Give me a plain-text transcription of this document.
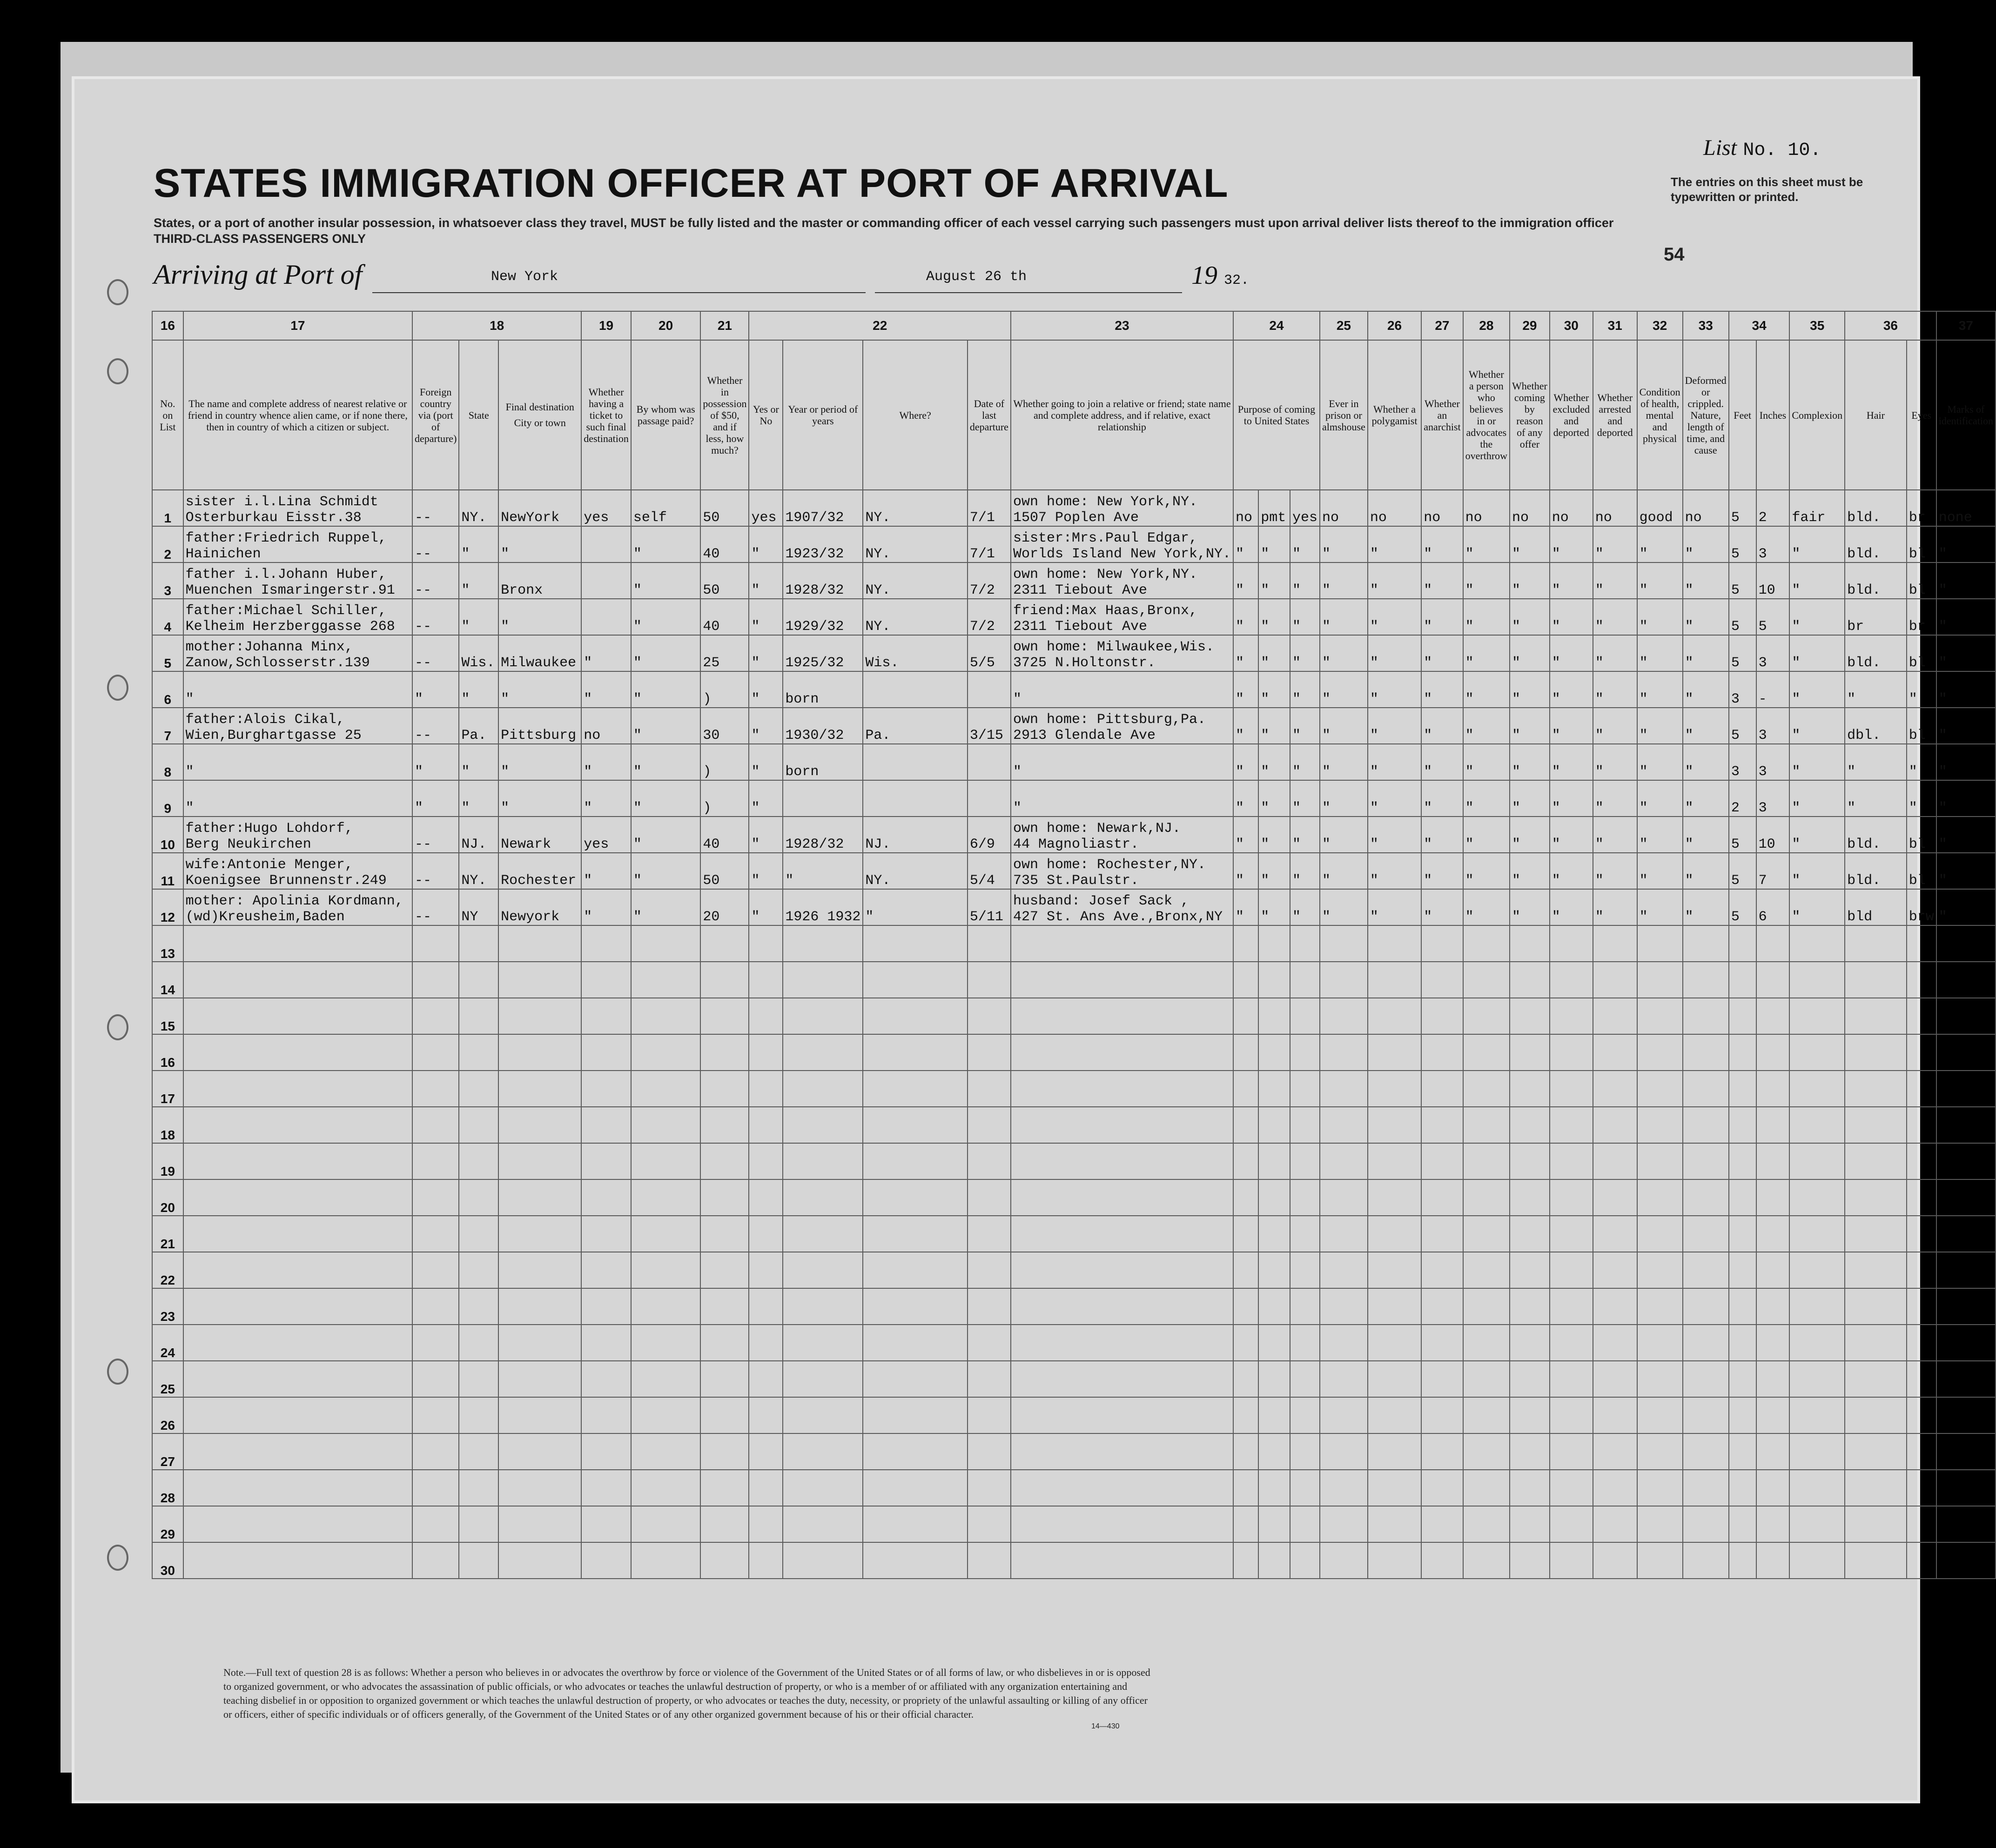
STATES IMMIGRATION OFFICER AT PORT OF ARRIVAL
List No. 10.
The entries on this sheet must be typewritten or printed.
States, or a port of another insular possession, in whatsoever class they travel, MUST be fully listed and the master or commanding officer of each vessel carrying such passengers must upon arrival deliver lists thereof to the immigration officer
THIRD-CLASS PASSENGERS ONLY
Arriving at Port of	New York	August 26 th	19 32.
54
16	17	18			19	20	21	22				23	24			25	26	27	28	29	30	31	32	33	34		35	36		37
No. on List	The name and complete address of nearest relative or friend in country whence alien came, or if none there, then in country of which a citizen or subject.	Foreign country via (port of departure)	State	Final destination
City or town	Whether having a ticket to such final destination	By whom was passage paid?	Whether in possession of $50, and if less, how much?	Yes or No	Year or period of years	Where?	Date of last departure	Whether going to join a relative or friend; state name and complete address, and if relative, exact relationship	Purpose of coming to United States			Ever in prison or almshouse	Whether a polygamist	Whether an anarchist	Whether a person who believes in or advocates the overthrow	Whether coming by reason of any offer	Whether excluded and deported	Whether arrested and deported	Condition of health, mental and physical	Deformed or crippled. Nature, length of time, and cause	Feet	Inches	Complexion	Hair	Eyes	Marks of identification
1	sister i.l.Lina Schmidt
Osterburkau Eisstr.38	--	NY.	NewYork	yes	self	50	yes	1907/32	NY.	7/1	own home: New York,NY.
1507 Poplen Ave	no	pmt	yes	no	no	no	no	no	no	no	good	no	5	2	fair	bld.	br	none
2	father:Friedrich Ruppel,
Hainichen	--	"	"		"	40	"	1923/32	NY.	7/1	sister:Mrs.Paul Edgar,
Worlds Island New York,NY.	"	"	"	"	"	"	"	"	"	"	"	"	5	3	"	bld.	bl	"
3	father i.l.Johann Huber,
Muenchen Ismaringerstr.91	--	"	Bronx		"	50	"	1928/32	NY.	7/2	own home: New York,NY.
2311 Tiebout Ave	"	"	"	"	"	"	"	"	"	"	"	"	5	10	"	bld.	bl	"
4	father:Michael Schiller,
Kelheim Herzberggasse 268	--	"	"		"	40	"	1929/32	NY.	7/2	friend:Max Haas,Bronx,
2311 Tiebout Ave	"	"	"	"	"	"	"	"	"	"	"	"	5	5	"	br	br	"
5	mother:Johanna Minx,
Zanow,Schlosserstr.139	--	Wis.	Milwaukee	"	"	25	"	1925/32	Wis.	5/5	own home: Milwaukee,Wis.
3725 N.Holtonstr.	"	"	"	"	"	"	"	"	"	"	"	"	5	3	"	bld.	bl	"
6	"	"	"	"	"	"	)	"	born			"	"	"	"	"	"	"	"	"	"	"	"	"	3	-	"	"	"	"
7	father:Alois Cikal,
Wien,Burghartgasse 25	--	Pa.	Pittsburg	no	"	30	"	1930/32	Pa.	3/15	own home: Pittsburg,Pa.
2913 Glendale Ave	"	"	"	"	"	"	"	"	"	"	"	"	5	3	"	dbl.	bl	"
8	"	"	"	"	"	"	)	"	born			"	"	"	"	"	"	"	"	"	"	"	"	"	3	3	"	"	"	"
9	"	"	"	"	"	"	)	"				"	"	"	"	"	"	"	"	"	"	"	"	"	2	3	"	"	"	"
10	father:Hugo Lohdorf,
Berg Neukirchen	--	NJ.	Newark	yes	"	40	"	1928/32	NJ.	6/9	own home: Newark,NJ.
44 Magnoliastr.	"	"	"	"	"	"	"	"	"	"	"	"	5	10	"	bld.	bl	"
11	wife:Antonie Menger,
Koenigsee Brunnenstr.249	--	NY.	Rochester	"	"	50	"	"	NY.	5/4	own home: Rochester,NY.
735 St.Paulstr.	"	"	"	"	"	"	"	"	"	"	"	"	5	7	"	bld.	bl	"
12	mother: Apolinia Kordmann,
(wd)Kreusheim,Baden	--	NY	Newyork	"	"	20	"	1926 1932	"	5/11	husband: Josef Sack ,
427 St. Ans Ave.,Bronx,NY	"	"	"	"	"	"	"	"	"	"	"	"	5	6	"	bld	brw	"
13																														
14																														
15																														
16																														
17																														
18																														
19																														
20																														
21																														
22																														
23																														
24																														
25																														
26																														
27																														
28																														
29																														
30																														
Note.—Full text of question 28 is as follows: Whether a person who believes in or advocates the overthrow by force or violence of the Government of the United States or of all forms of law, or who disbelieves in or is opposed to organized government, or who advocates the assassination of public officials, or who advocates or teaches the unlawful destruction of property, or who is a member of or affiliated with any organization entertaining and teaching disbelief in or opposition to organized government or which teaches the unlawful destruction of property, or who advocates or teaches the duty, necessity, or propriety of the unlawful assaulting or killing of any officer or officers, either of specific individuals or of officers generally, of the Government of the United States or of any other organized government because of his or their official character.
14—430
